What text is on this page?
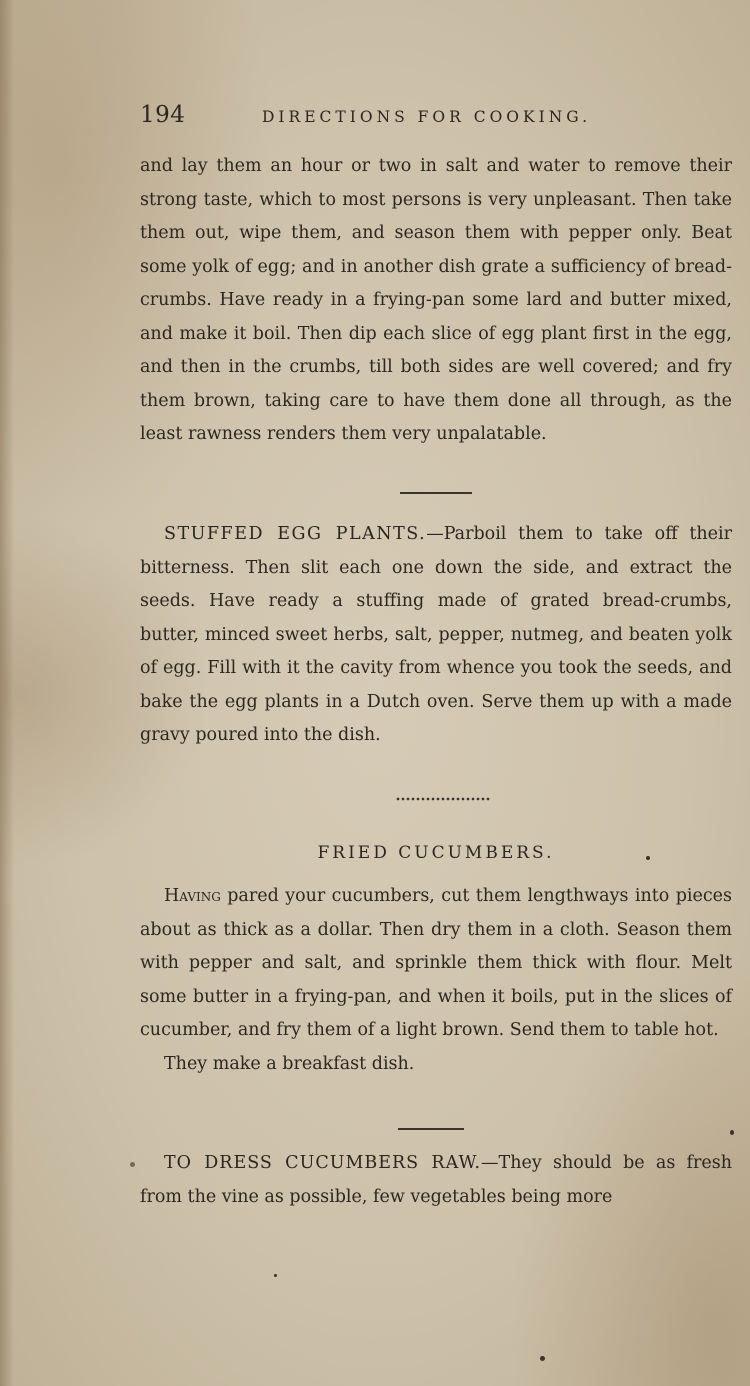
194	DIRECTIONS FOR COOKING.

and lay them an hour or two in salt and water to remove their strong taste, which to most persons is very unpleasant. Then take them out, wipe them, and season them with pepper only. Beat some yolk of egg; and in another dish grate a sufficiency of bread-crumbs. Have ready in a frying-pan some lard and butter mixed, and make it boil. Then dip each slice of egg plant first in the egg, and then in the crumbs, till both sides are well covered; and fry them brown, taking care to have them done all through, as the least rawness renders them very unpalatable.

STUFFED EGG PLANTS.—Parboil them to take off their bitterness. Then slit each one down the side, and extract the seeds. Have ready a stuffing made of grated bread-crumbs, butter, minced sweet herbs, salt, pepper, nutmeg, and beaten yolk of egg. Fill with it the cavity from whence you took the seeds, and bake the egg plants in a Dutch oven. Serve them up with a made gravy poured into the dish.

FRIED CUCUMBERS.

Having pared your cucumbers, cut them lengthways into pieces about as thick as a dollar. Then dry them in a cloth. Season them with pepper and salt, and sprinkle them thick with flour. Melt some butter in a frying-pan, and when it boils, put in the slices of cucumber, and fry them of a light brown. Send them to table hot.

They make a breakfast dish.

TO DRESS CUCUMBERS RAW.—They should be as fresh from the vine as possible, few vegetables being more
